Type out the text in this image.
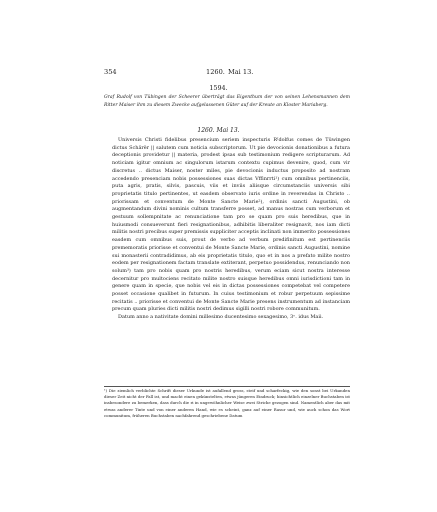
354	1260. Mai 13.
1594.
Graf Rudolf von Tübingen der Scheerer überträgt das Eigenthum der von seinen Lehensmannen dem Ritter Maiser ihm zu diesem Zwecke aufgelassenen Güter auf der Kreute an Kloster Mariaberg.
1260. Mai 13.

Universis Christi fidelibus presencium seriem inspecturis Rˀdolfus comes de Tüwingen dictus Schärër || salutem cum noticia subscriptorum. Ut pie devocionis donationibus a futura deceptionis providetur || materia, prodest ipsas sub testimonium redigere scripturarum. Ad noticiam igitur omnium ac singulorum istarum contextu cupimus devenire, quod, cum vir discretus .. dictus Maiser, noster miles, pie devocionis inductus proposito ad nostram accedendo presenciam nobis possessiones suas dictas Vffinrrti¹) cum omnibus pertinenciis, puta agris, pratis, silvis, pascuis, viis et inviis aliisque circumstanciis universis sibi proprietatis titulo pertinentes, ut easdem observato iuris ordine in reverendas in Christo .. priorissam et conventum de Monte Sancte Marie²), ordinis sancti Augustini, ob augmentandum divini nominis cultum transferre posset, ad manus nostras cum verborum et gestuum sollempnitate ac renunciatione tam pro se quam pro suis heredibus, que in huiusmodi consueverunt fieri resignationibus, adhibitis liberaliter resignavit, nos iam dicti militis nostri precibus super premissis suppliciter acceptis inclinati non immerito possessiones easdem cum omnibus suis, prout de verbo ad verbum predifinitum est pertinenciis prememoratis priorisse et conventui de Monte Sancte Marie, ordinis sancti Augustini, nomine sui monasterii contradidimus, ab eis proprietatis titulo, quo et in nos a prefato milite nostro eodem per resignationem factam translate extiterant, perpetuo possidendus, renunciando non solum³) tam pro nobis quam pro nostris heredibus, verum eciam sicut nostra interesse decernitur pro multociens recitato milite nostro suisque heredibus omni iurisdictioni tam in genere quam in specie, que nobis vel eis in dictas possessiones competebat vel competere posset occasione qualibet in futurum. In cuius testimonium et robur perpetuum sepissime recitatis .. priorisse et conventui de Monte Sancte Marie presens instrumentum ad instanciam precum quam pluries dicti militis nostri dedimus sigilli nostri robore communitum.

Datum anno a nativitate domini millesimo ducentesimo sexagesimo, 3ᵒ. idus Maii.

¹) Die ziemlich verblichte Schrift dieser Urkunde ist aufallend gross, steif und scharfeckig, wie den sonst bei Urkunden dieser Zeit nicht der Fall ist, und macht einen gekünstelten, etwas jüngeren Eindruck; hinsichtlich einzelner Buchstaben ist insbesondere zu bemerken, dass durch die ri in ungewöhnlicher Weise zwei Striche gezogen sind. Namentlich aber das mit etwas anderer Tinte und von einer anderen Hand, wie es scheint, ganz auf einer Rasur und, wie auch schon das Wort communitum, früheren Buchstaben nachfahrend geschriebene Datum
